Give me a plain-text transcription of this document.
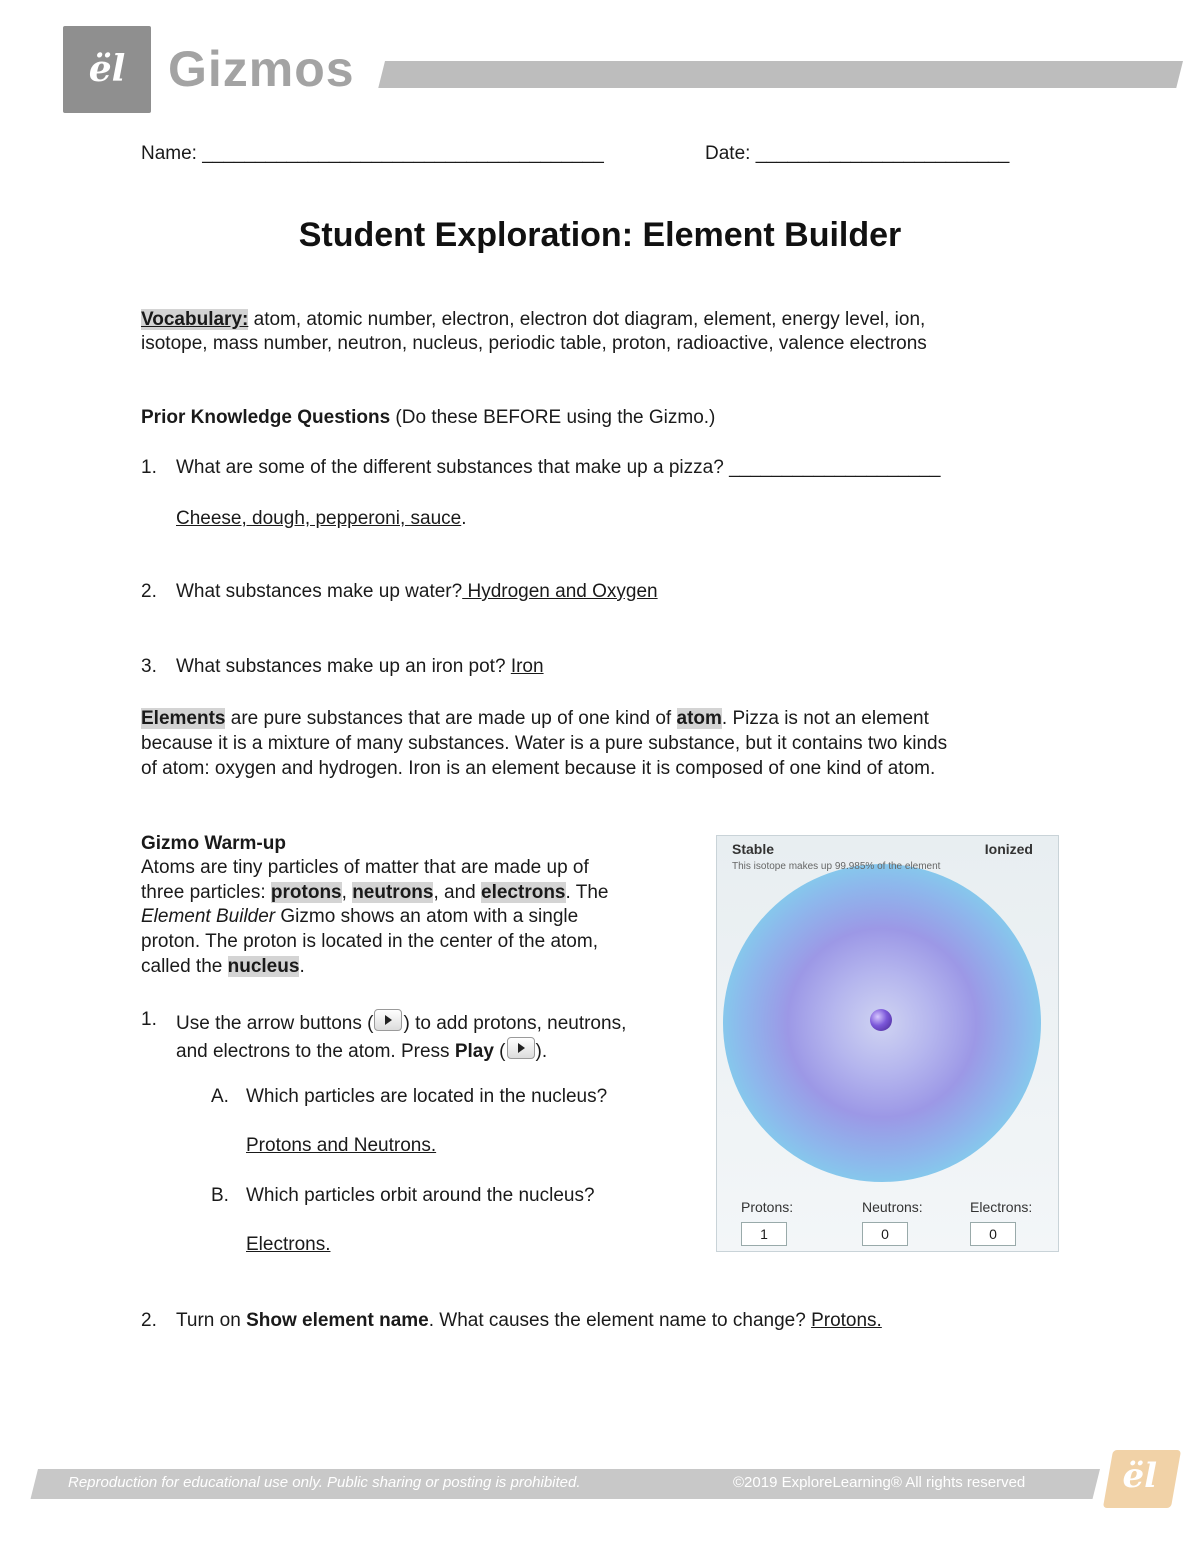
ël Gizmos
Name: ______________________________________	Date: ________________________
Student Exploration: Element Builder
Vocabulary: atom, atomic number, electron, electron dot diagram, element, energy level, ion,
isotope, mass number, neutron, nucleus, periodic table, proton, radioactive, valence electrons
Prior Knowledge Questions (Do these BEFORE using the Gizmo.)
1. What are some of the different substances that make up a pizza? ____________________
Cheese, dough, pepperoni, sauce.
2. What substances make up water? Hydrogen and Oxygen
3. What substances make up an iron pot? Iron
Elements are pure substances that are made up of one kind of atom. Pizza is not an element
because it is a mixture of many substances. Water is a pure substance, but it contains two kinds
of atom: oxygen and hydrogen. Iron is an element because it is composed of one kind of atom.
Gizmo Warm-up
Atoms are tiny particles of matter that are made up of
three particles: protons, neutrons, and electrons. The
Element Builder Gizmo shows an atom with a single
proton. The proton is located in the center of the atom,
called the nucleus.
1. Use the arrow buttons ( ) to add protons, neutrons,
and electrons to the atom. Press Play ( ).
A. Which particles are located in the nucleus?
Protons and Neutrons.
B. Which particles orbit around the nucleus?
Electrons.
2. Turn on Show element name. What causes the element name to change? Protons.
Stable	Ionized
This isotope makes up 99.985% of the element
Protons:
1
Neutrons:
0
Electrons:
0
Reproduction for educational use only. Public sharing or posting is prohibited.	©2019 ExploreLearning® All rights reserved	ël
